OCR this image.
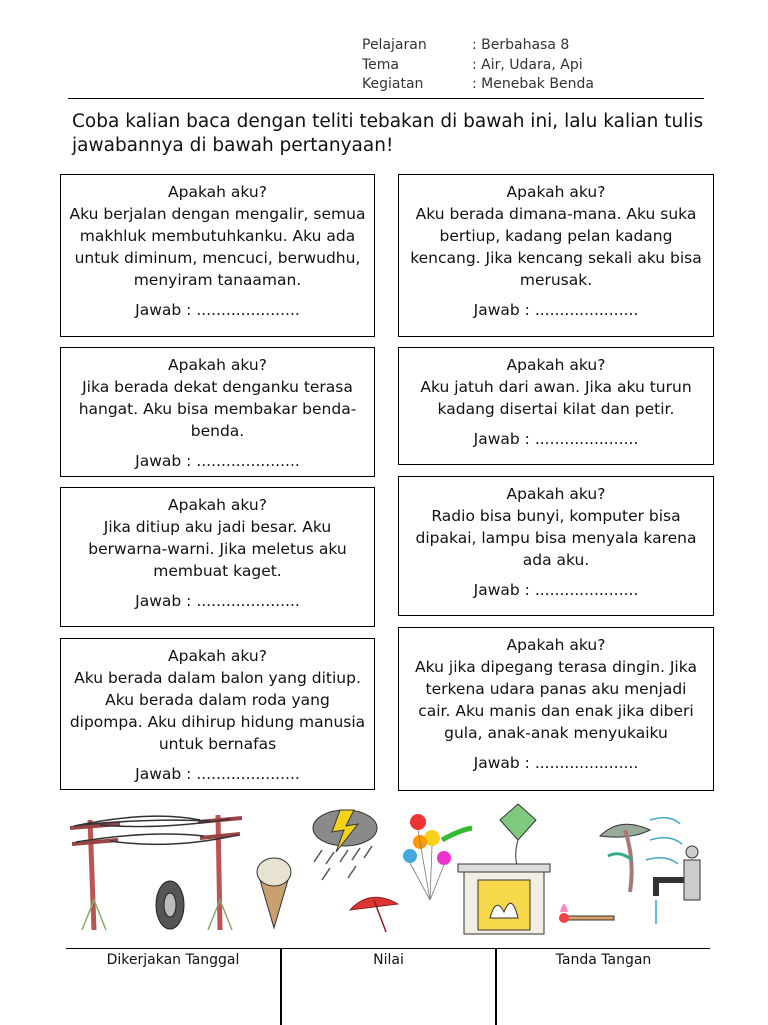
Pelajaran	: Berbahasa 8
Tema	: Air, Udara, Api
Kegiatan	: Menebak Benda
Coba kalian baca dengan teliti tebakan di bawah ini, lalu kalian tulis jawabannya di bawah pertanyaan!
Apakah aku?
Aku berjalan dengan mengalir, semua makhluk membutuhkanku. Aku ada untuk diminum, mencuci, berwudhu, menyiram tanaaman.
Jawab : .....................
Apakah aku?
Aku berada dimana-mana. Aku suka bertiup, kadang pelan kadang kencang. Jika kencang sekali aku bisa merusak.
Jawab : .....................
Apakah aku?
Jika berada dekat denganku terasa hangat. Aku bisa membakar benda-benda.
Jawab : .....................
Apakah aku?
Aku jatuh dari awan. Jika aku turun kadang disertai kilat dan petir.
Jawab : .....................
Apakah aku?
Jika ditiup aku jadi besar. Aku berwarna-warni. Jika meletus aku membuat kaget.
Jawab : .....................
Apakah aku?
Radio bisa bunyi, komputer bisa dipakai, lampu bisa menyala karena ada aku.
Jawab : .....................
Apakah aku?
Aku berada dalam balon yang ditiup. Aku berada dalam roda yang dipompa. Aku dihirup hidung manusia untuk bernafas
Jawab : .....................
Apakah aku?
Aku jika dipegang terasa dingin. Jika terkena udara panas aku menjadi cair. Aku manis dan enak jika diberi gula, anak-anak menyukaiku
Jawab : .....................
Dikerjakan Tanggal	Nilai	Tanda Tangan
